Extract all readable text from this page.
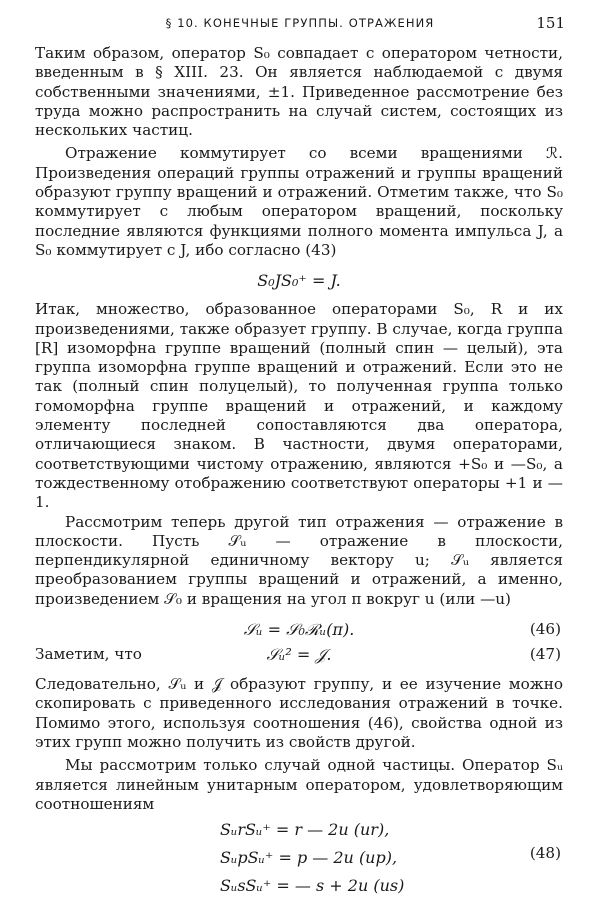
§ 10. КОНЕЧНЫЕ ГРУППЫ. ОТРАЖЕНИЯ	151

Таким образом, оператор S₀ совпадает с оператором четности, введенным в § XIII. 23. Он является наблюдаемой с двумя собственными значениями, ±1. Приведенное рассмотрение без труда можно распространить на случай систем, состоящих из нескольких частиц.

Отражение коммутирует со всеми вращениями ℛ. Произведения операций группы отражений и группы вращений образуют группу вращений и отражений. Отметим также, что S₀ коммутирует с любым оператором вращений, поскольку последние являются функциями полного момента импульса J, а S₀ коммутирует с J, ибо согласно (43)

S₀JS₀⁺ = J.

Итак, множество, образованное операторами S₀, R и их произведениями, также образует группу. В случае, когда группа [R] изоморфна группе вращений (полный спин — целый), эта группа изоморфна группе вращений и отражений. Если это не так (полный спин полуцелый), то полученная группа только гомоморфна группе вращений и отражений, и каждому элементу последней сопоставляются два оператора, отличающиеся знаком. В частности, двумя операторами, соответствующими чистому отражению, являются +S₀ и —S₀, а тождественному отображению соответствуют операторы +1 и —1.

Рассмотрим теперь другой тип отражения — отражение в плоскости. Пусть 𝒮ᵤ — отражение в плоскости, перпендикулярной единичному вектору u; 𝒮ᵤ является преобразованием группы вращений и отражений, а именно, произведением 𝒮₀ и вращения на угол π вокруг u (или —u)

𝒮ᵤ = 𝒮₀ℛᵤ(π).	(46)
Заметим, что	𝒮ᵤ² = 𝒥.	(47)

Следовательно, 𝒮ᵤ и 𝒥 образуют группу, и ее изучение можно скопировать с приведенного исследования отражений в точке. Помимо этого, используя соотношения (46), свойства одной из этих групп можно получить из свойств другой.

Мы рассмотрим только случай одной частицы. Оператор Sᵤ является линейным унитарным оператором, удовлетворяющим соотношениям

SᵤrSᵤ⁺ = r — 2u (ur),
SᵤpSᵤ⁺ = p — 2u (up),
SᵤsSᵤ⁺ = — s + 2u (us)
(48)
